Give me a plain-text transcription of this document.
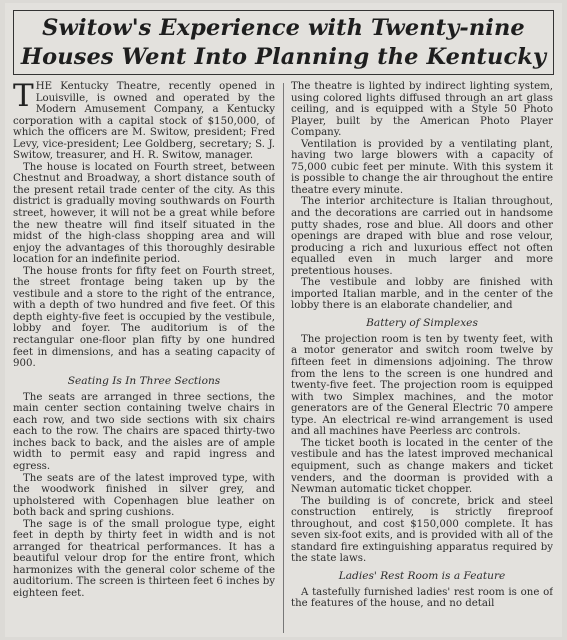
Switow's Experience with Twenty-nine
Houses Went Into Planning the Kentucky

THE Kentucky Theatre, recently opened in Louisville, is owned and operated by the Modern Amusement Company, a Kentucky corporation with a capital stock of $150,000, of which the officers are M. Switow, president; Fred Levy, vice-president; Lee Goldberg, secretary; S. J. Switow, treasurer, and H. R. Switow, manager.

The house is located on Fourth street, between Chestnut and Broadway, a short distance south of the present retail trade center of the city. As this district is gradually moving southwards on Fourth street, however, it will not be a great while before the new theatre will find itself situated in the midst of the high-class shopping area and will enjoy the advantages of this thoroughly desirable location for an indefinite period.

The house fronts for fifty feet on Fourth street, the street frontage being taken up by the vestibule and a store to the right of the entrance, with a depth of two hundred and five feet. Of this depth eighty-five feet is occupied by the vestibule, lobby and foyer. The auditorium is of the rectangular one-floor plan fifty by one hundred feet in dimensions, and has a seating capacity of 900.

Seating Is In Three Sections

The seats are arranged in three sections, the main center section containing twelve chairs in each row, and two side sections with six chairs each to the row. The chairs are spaced thirty-two inches back to back, and the aisles are of ample width to permit easy and rapid ingress and egress.

The seats are of the latest improved type, with the woodwork finished in silver grey, and upholstered with Copenhagen blue leather on both back and spring cushions.

The sage is of the small prologue type, eight feet in depth by thirty feet in width and is not arranged for theatrical performances. It has a beautiful velour drop for the entire front, which harmonizes with the general color scheme of the auditorium. The screen is thirteen feet 6 inches by eighteen feet.

The theatre is lighted by indirect lighting system, using colored lights diffused through an art glass ceiling, and is equipped with a Style 50 Photo Player, built by the American Photo Player Company.

Ventilation is provided by a ventilating plant, having two large blowers with a capacity of 75,000 cubic feet per minute. With this system it is possible to change the air throughout the entire theatre every minute.

The interior architecture is Italian throughout, and the decorations are carried out in handsome putty shades, rose and blue. All doors and other openings are draped with blue and rose velour, producing a rich and luxurious effect not often equalled even in much larger and more pretentious houses.

The vestibule and lobby are finished with imported Italian marble, and in the center of the lobby there is an elaborate chandelier, and

Battery of Simplexes

The projection room is ten by twenty feet, with a motor generator and switch room twelve by fifteen feet in dimensions adjoining. The throw from the lens to the screen is one hundred and twenty-five feet. The projection room is equipped with two Simplex machines, and the motor generators are of the General Electric 70 ampere type. An electrical re-wind arrangement is used and all machines have Peerless arc controls.

The ticket booth is located in the center of the vestibule and has the latest improved mechanical equipment, such as change makers and ticket venders, and the doorman is provided with a Newman automatic ticket chopper.

The building is of concrete, brick and steel construction entirely, is strictly fireproof throughout, and cost $150,000 complete. It has seven six-foot exits, and is provided with all of the standard fire extinguishing apparatus required by the state laws.

Ladies' Rest Room is a Feature

A tastefully furnished ladies' rest room is one of the features of the house, and no detail
